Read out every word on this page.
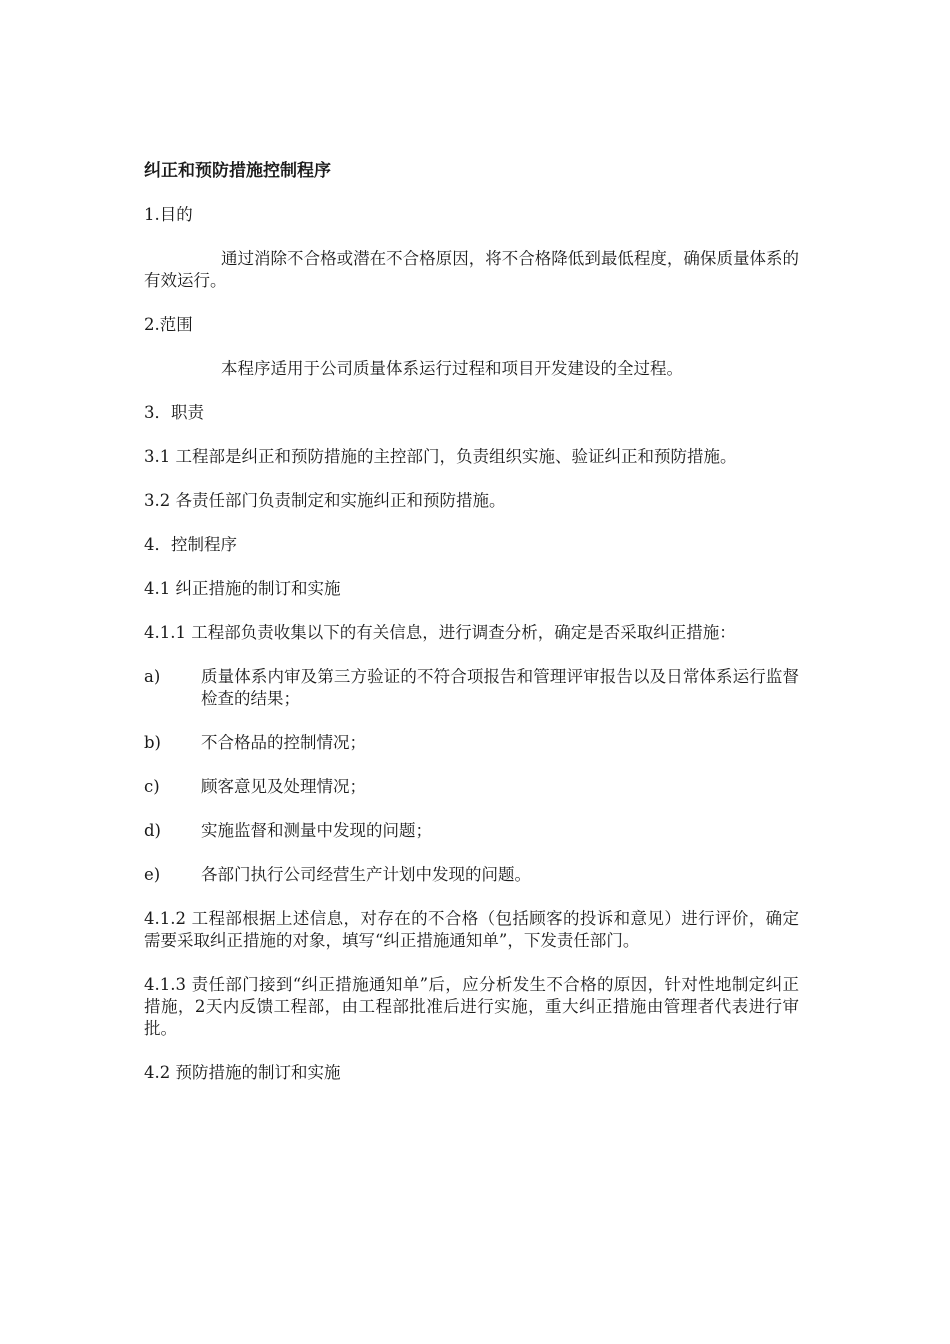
纠正和预防措施控制程序
1.目的
通过消除不合格或潜在不合格原因，将不合格降低到最低程度，确保质量体系的有效运行。
2.范围
本程序适用于公司质量体系运行过程和项目开发建设的全过程。
3．职责
3.1 工程部是纠正和预防措施的主控部门，负责组织实施、验证纠正和预防措施。
3.2 各责任部门负责制定和实施纠正和预防措施。
4．控制程序
4.1 纠正措施的制订和实施
4.1.1 工程部负责收集以下的有关信息，进行调查分析，确定是否采取纠正措施：
a)	质量体系内审及第三方验证的不符合项报告和管理评审报告以及日常体系运行监督检查的结果；
b)	不合格品的控制情况；
c)	顾客意见及处理情况；
d)	实施监督和测量中发现的问题；
e)	各部门执行公司经营生产计划中发现的问题。
4.1.2 工程部根据上述信息，对存在的不合格（包括顾客的投诉和意见）进行评价，确定需要采取纠正措施的对象，填写“纠正措施通知单”，下发责任部门。
4.1.3 责任部门接到“纠正措施通知单”后，应分析发生不合格的原因，针对性地制定纠正措施，2天内反馈工程部，由工程部批准后进行实施，重大纠正措施由管理者代表进行审批。
4.2 预防措施的制订和实施
